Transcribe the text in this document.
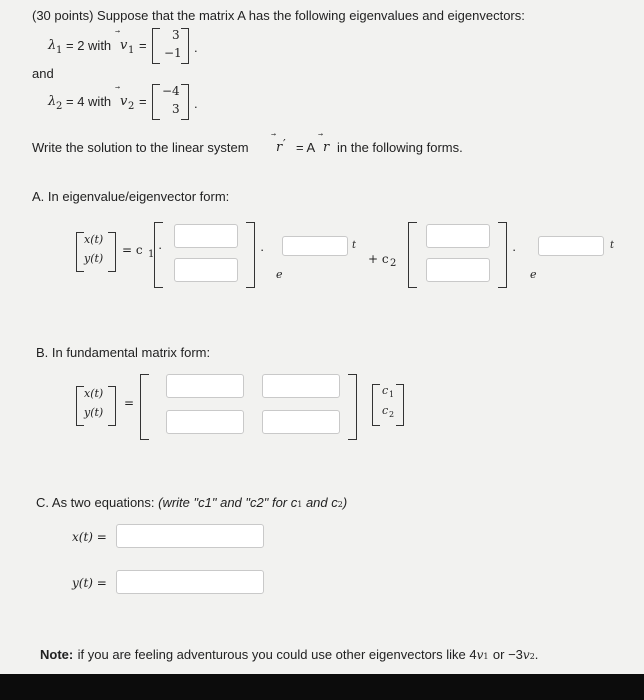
(30 points) Suppose that the matrix A has the following eigenvalues and eigenvectors:
λ 1 = 2 with v 1 =
3
−1 .
and
λ 2 = 4 with v 2 =
−4
3 .
Write the solution to the linear system r ′ = A r in the following forms.
A. In eigenvalue/eigenvector form:
x(t)
y(t)
= c 1 ·	·
e
t
+ c 2
·
e
t
B. In fundamental matrix form:
x(t)
y(t)
=
c 1
c 2
C. As two equations: (write "c1" and "c2" for c1 and c2)
x(t) =
y(t) =
Note: if you are feeling adventurous you could use other eigenvectors like 4v1 or −3v2.
